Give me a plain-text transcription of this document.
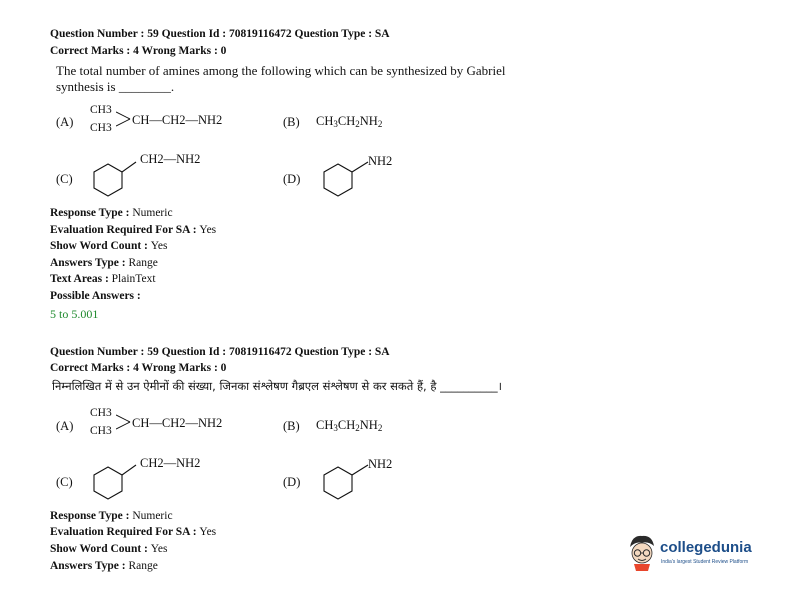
Question Number : 59 Question Id : 70819116472 Question Type : SA
Correct Marks : 4 Wrong Marks : 0
The total number of amines among the following which can be synthesized by Gabriel
synthesis is ________.
(A)
CH3
CH3
CH—CH2—NH2	(B) $CH_3CH_2NH_2$
(C)
CH2—NH2
(D)
NH2
Response Type : Numeric
Evaluation Required For SA : Yes
Show Word Count : Yes
Answers Type : Range
Text Areas : PlainText
Possible Answers :
5 to 5.001
Question Number : 59 Question Id : 70819116472 Question Type : SA
Correct Marks : 4 Wrong Marks : 0
निम्नलिखित में से उन ऐमीनों की संख्या, जिनका संश्लेषण गैब्रएल संश्लेषण से कर सकते हैं, है __________।
(A)
CH3
CH3
CH—CH2—NH2	(B) $CH_3CH_2NH_2$
(C)
CH2—NH2
(D)
NH2
Response Type : Numeric
Evaluation Required For SA : Yes
Show Word Count : Yes
Answers Type : Range
collegedunia
India's largest Student Review Platform
